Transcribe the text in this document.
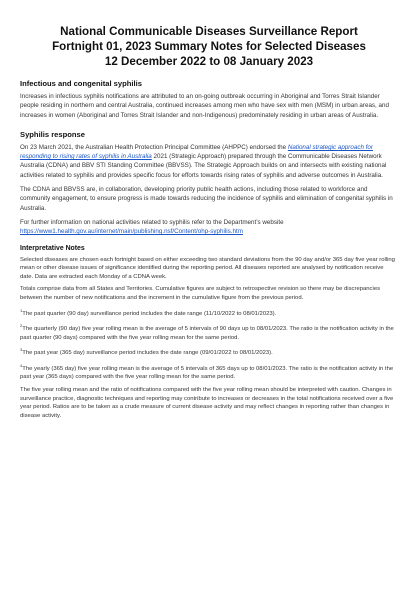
National Communicable Diseases Surveillance Report

Fortnight 01, 2023 Summary Notes for Selected Diseases

12 December 2022 to 08 January 2023

Infectious and congenital syphilis

Increases in infectious syphilis notifications are attributed to an on-going outbreak occurring in Aboriginal and Torres Strait Islander people residing in northern and central Australia, continued increases among men who have sex with men (MSM) in urban areas, and increases in women (Aboriginal and Torres Strait Islander and non-Indigenous) predominately residing in urban areas of Australia.

Syphilis response

On 23 March 2021, the Australian Health Protection Principal Committee (AHPPC) endorsed the National strategic approach for responding to rising rates of syphilis in Australia 2021 (Strategic Approach) prepared through the Communicable Diseases Network Australia (CDNA) and BBV STI Standing Committee (BBVSS). The Strategic Approach builds on and intersects with existing national activities related to syphilis and provides specific focus for efforts towards rising rates of syphilis and adverse outcomes in Australia.

The CDNA and BBVSS are, in collaboration, developing priority public health actions, including those related to workforce and community engagement, to ensure progress is made towards reducing the incidence of syphilis and elimination of congenital syphilis in Australia.

For further information on national activities related to syphilis refer to the Department’s website
https://www1.health.gov.au/internet/main/publishing.nsf/Content/ohp-syphilis.htm

Interpretative Notes

Selected diseases are chosen each fortnight based on either exceeding two standard deviations from the 90 day and/or 365 day five year rolling mean or other disease issues of significance identified during the reporting period. All diseases reported are analysed by notification receive date. Data are extracted each Monday of a CDNA week.

Totals comprise data from all States and Territories. Cumulative figures are subject to retrospective revision so there may be discrepancies between the number of new notifications and the increment in the cumulative figure from the previous period.

$^1$The past quarter (90 day) surveillance period includes the date range (11/10/2022 to 08/01/2023).

$^2$The quarterly (90 day) five year rolling mean is the average of 5 intervals of 90 days up to 08/01/2023. The ratio is the notification activity in the past quarter (90 days) compared with the five year rolling mean for the same period.

$^3$The past year (365 day) surveillance period includes the date range (09/01/2022 to 08/01/2023).

$^4$The yearly (365 day) five year rolling mean is the average of 5 intervals of 365 days up to 08/01/2023. The ratio is the notification activity in the past year (365 days) compared with the five year rolling mean for the same period.

The five year rolling mean and the ratio of notifications compared with the five year rolling mean should be interpreted with caution. Changes in surveillance practice, diagnostic techniques and reporting may contribute to increases or decreases in the total notifications received over a five year period. Ratios are to be taken as a crude measure of current disease activity and may reflect changes in reporting rather than changes in disease activity.
